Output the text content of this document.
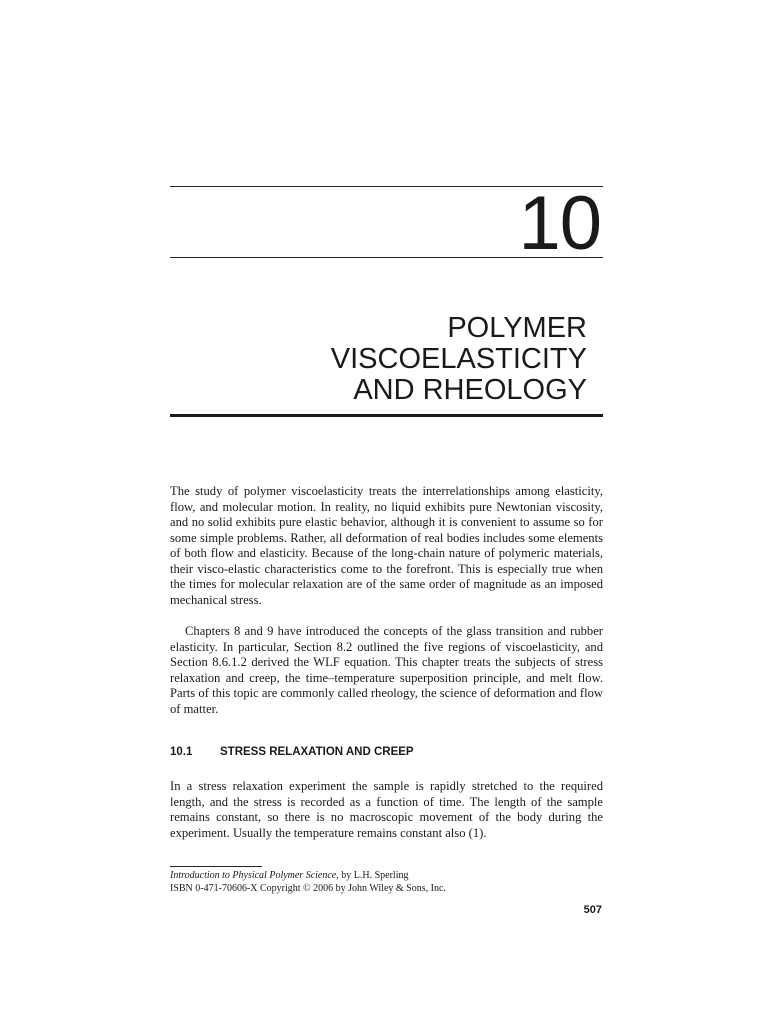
10
POLYMER
VISCOELASTICITY
AND RHEOLOGY

The study of polymer viscoelasticity treats the interrelationships among elasticity, flow, and molecular motion. In reality, no liquid exhibits pure Newtonian viscosity, and no solid exhibits pure elastic behavior, although it is convenient to assume so for some simple problems. Rather, all deformation of real bodies includes some elements of both flow and elasticity. Because of the long-chain nature of polymeric materials, their visco-elastic characteristics come to the forefront. This is especially true when the times for molecular relaxation are of the same order of magnitude as an imposed mechanical stress.

Chapters 8 and 9 have introduced the concepts of the glass transition and rubber elasticity. In particular, Section 8.2 outlined the five regions of viscoelasticity, and Section 8.6.1.2 derived the WLF equation. This chapter treats the subjects of stress relaxation and creep, the time–temperature superposition principle, and melt flow. Parts of this topic are commonly called rheology, the science of deformation and flow of matter.

10.1 STRESS RELAXATION AND CREEP

In a stress relaxation experiment the sample is rapidly stretched to the required length, and the stress is recorded as a function of time. The length of the sample remains constant, so there is no macroscopic movement of the body during the experiment. Usually the temperature remains constant also (1).

Introduction to Physical Polymer Science, by L.H. Sperling
ISBN 0-471-70606-X Copyright © 2006 by John Wiley & Sons, Inc.
507
